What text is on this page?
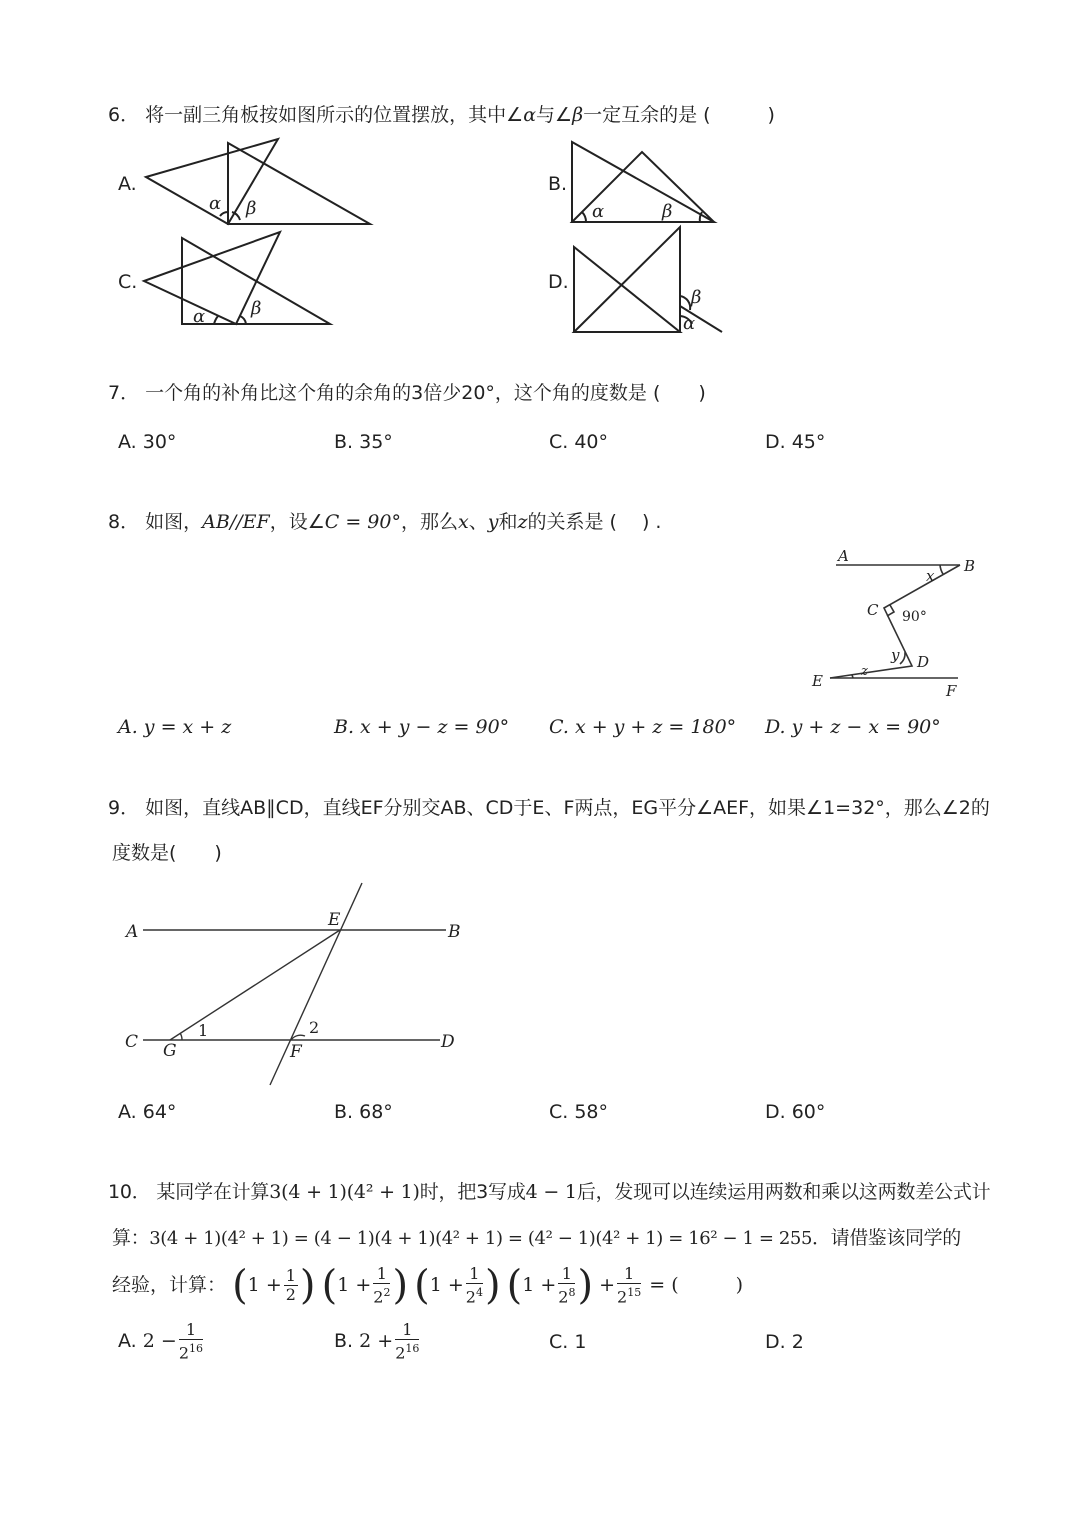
6． 将一副三角板按如图所示的位置摆放，其中∠α与∠β一定互余的是 (　　　)
A.	B.
C.	D.
α β	α	β
α	β
β
α
7． 一个角的补角比这个角的余角的3倍少20°，这个角的度数是 (　　)
A. 30°	B. 35°	C. 40°	D. 45°
8． 如图，AB//EF，设∠C = 90°，那么x、y和z的关系是 (　 ) .
A
B
x
C 90°
y D
E
z
F
A. y = x + z	B. x + y − z = 90° C. x + y + z = 180° D. y + z − x = 90°
9． 如图，直线AB∥CD，直线EF分别交AB、CD于E、F两点，EG平分∠AEF，如果∠1=32°，那么∠2的
度数是(　　)
A	B
E
C G
1	2
F	D
A. 64°	B. 68°	C. 58°	D. 60°
10． 某同学在计算3(4 + 1)(4² + 1)时，把3写成4 − 1后，发现可以连续运用两数和乘以这两数差公式计
算：3(4 + 1)(4² + 1) = (4 − 1)(4 + 1)(4² + 1) = (4² − 1)(4² + 1) = 16² − 1 = 255．请借鉴该同学的
经验，计算： ($1 + \frac{1}{2}$ ) ($1 + \frac{1}{2^2}$ ) ($1 + \frac{1}{2^4}$ ) ($1 + \frac{1}{2^8}$ ) + $\frac{1}{2^{15}}$ = (　　　)
A. $2 - \frac{1}{2^{16}}$	B. $2 + \frac{1}{2^{16}}$	C. 1	D. 2
